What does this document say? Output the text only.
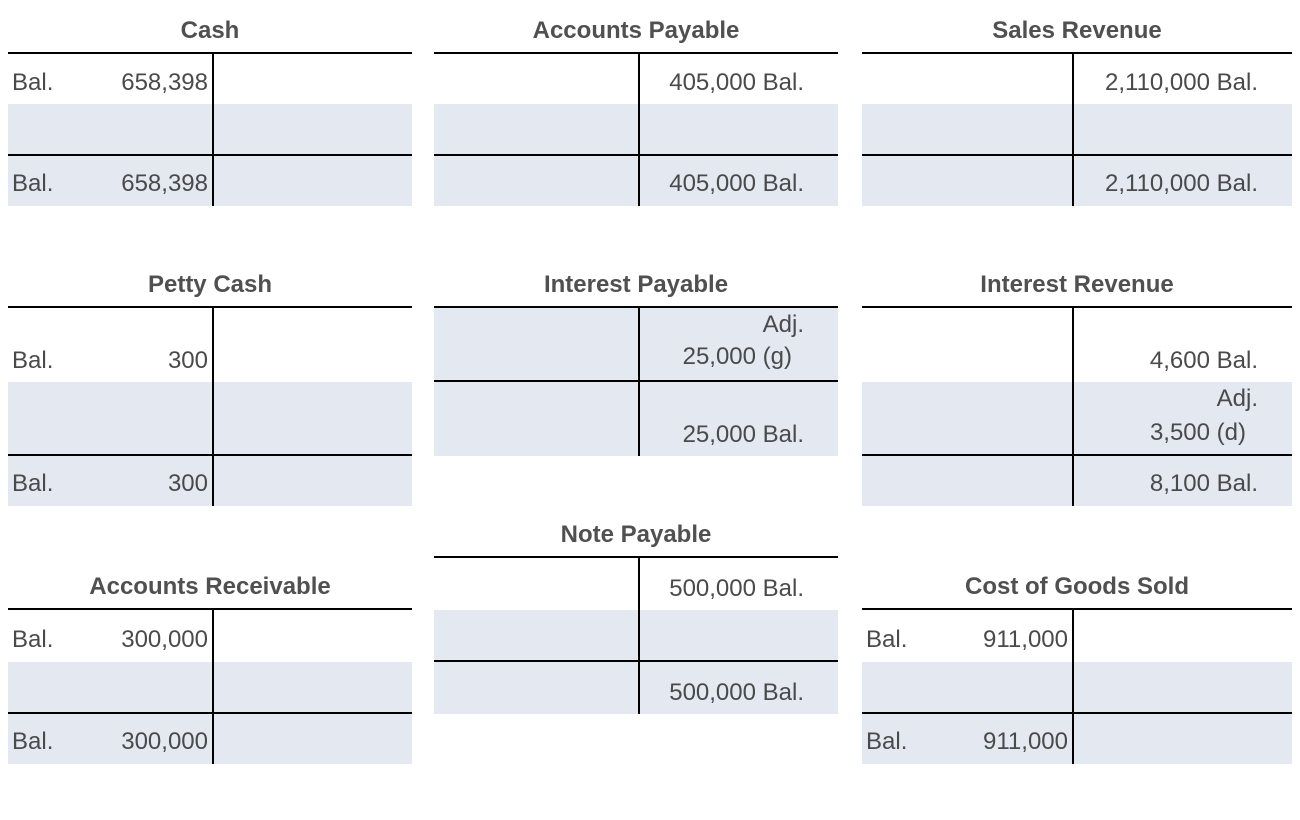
Cash
Bal.	658,398
Bal.	658,398
Accounts Payable
405,000 Bal.
405,000 Bal.
Sales Revenue
2,110,000 Bal.
2,110,000 Bal.
Petty Cash
Bal.	300
Bal.	300
Interest Payable
Adj.
25,000 (g)
25,000 Bal.
Interest Revenue
4,600 Bal.
Adj.
3,500 (d)
8,100 Bal.
Note Payable
500,000 Bal.
500,000 Bal.
Accounts Receivable
Bal.	300,000
Bal.	300,000
Cost of Goods Sold
Bal.	911,000
Bal.	911,000
